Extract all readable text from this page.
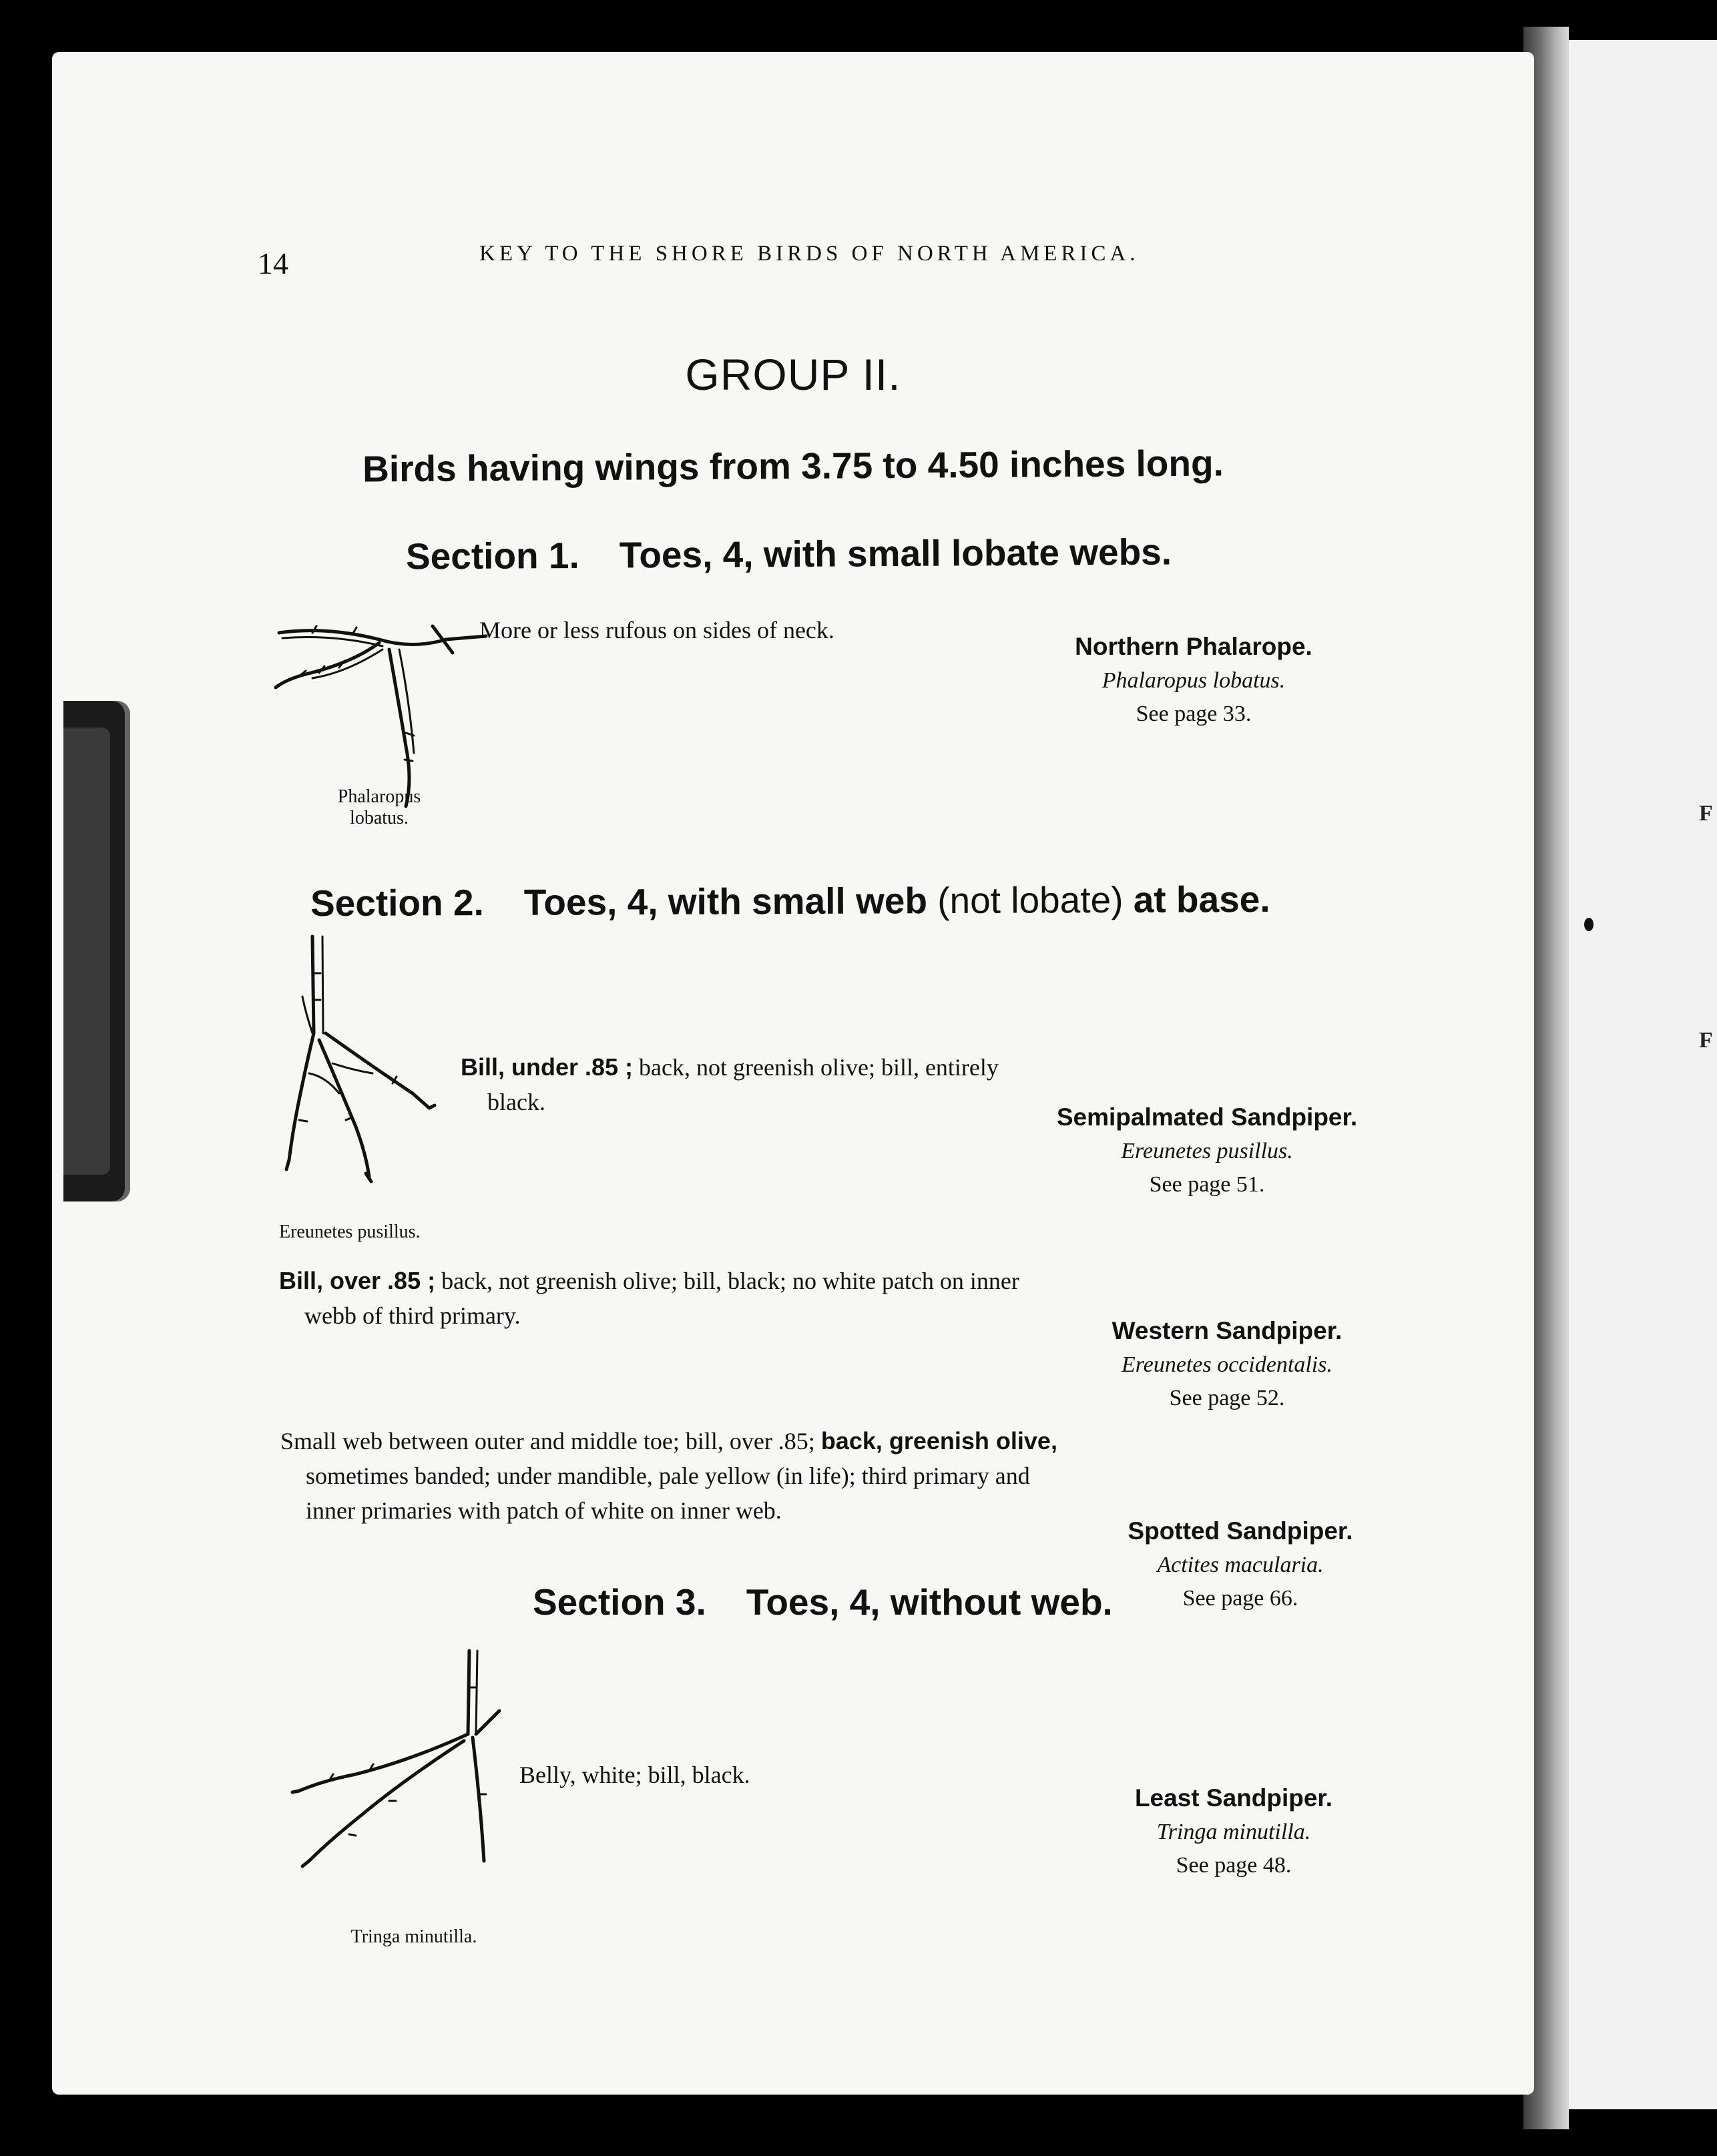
F
F
14	KEY TO THE SHORE BIRDS OF NORTH AMERICA.
GROUP II.
Birds having wings from 3.75 to 4.50 inches long.
Section 1. Toes, 4, with small lobate webs.
Phalaropus
lobatus.
More or less rufous on sides of neck.
Northern Phalarope.
Phalaropus lobatus.
See page 33.
Section 2. Toes, 4, with small web (not lobate) at base.
Ereunetes pusillus.
Bill, under .85 ; back, not greenish olive; bill, entirely
black.
Semipalmated Sandpiper.
Ereunetes pusillus.
See page 51.
Bill, over .85 ; back, not greenish olive; bill, black; no white patch on inner
webb of third primary.
Western Sandpiper.
Ereunetes occidentalis.
See page 52.
Small web between outer and middle toe; bill, over .85; back, greenish olive,
sometimes banded; under mandible, pale yellow (in life); third primary and
inner primaries with patch of white on inner web.
Spotted Sandpiper.
Actites macularia.
See page 66.
Section 3. Toes, 4, without web.
Tringa minutilla.
Belly, white; bill, black.
Least Sandpiper.
Tringa minutilla.
See page 48.
